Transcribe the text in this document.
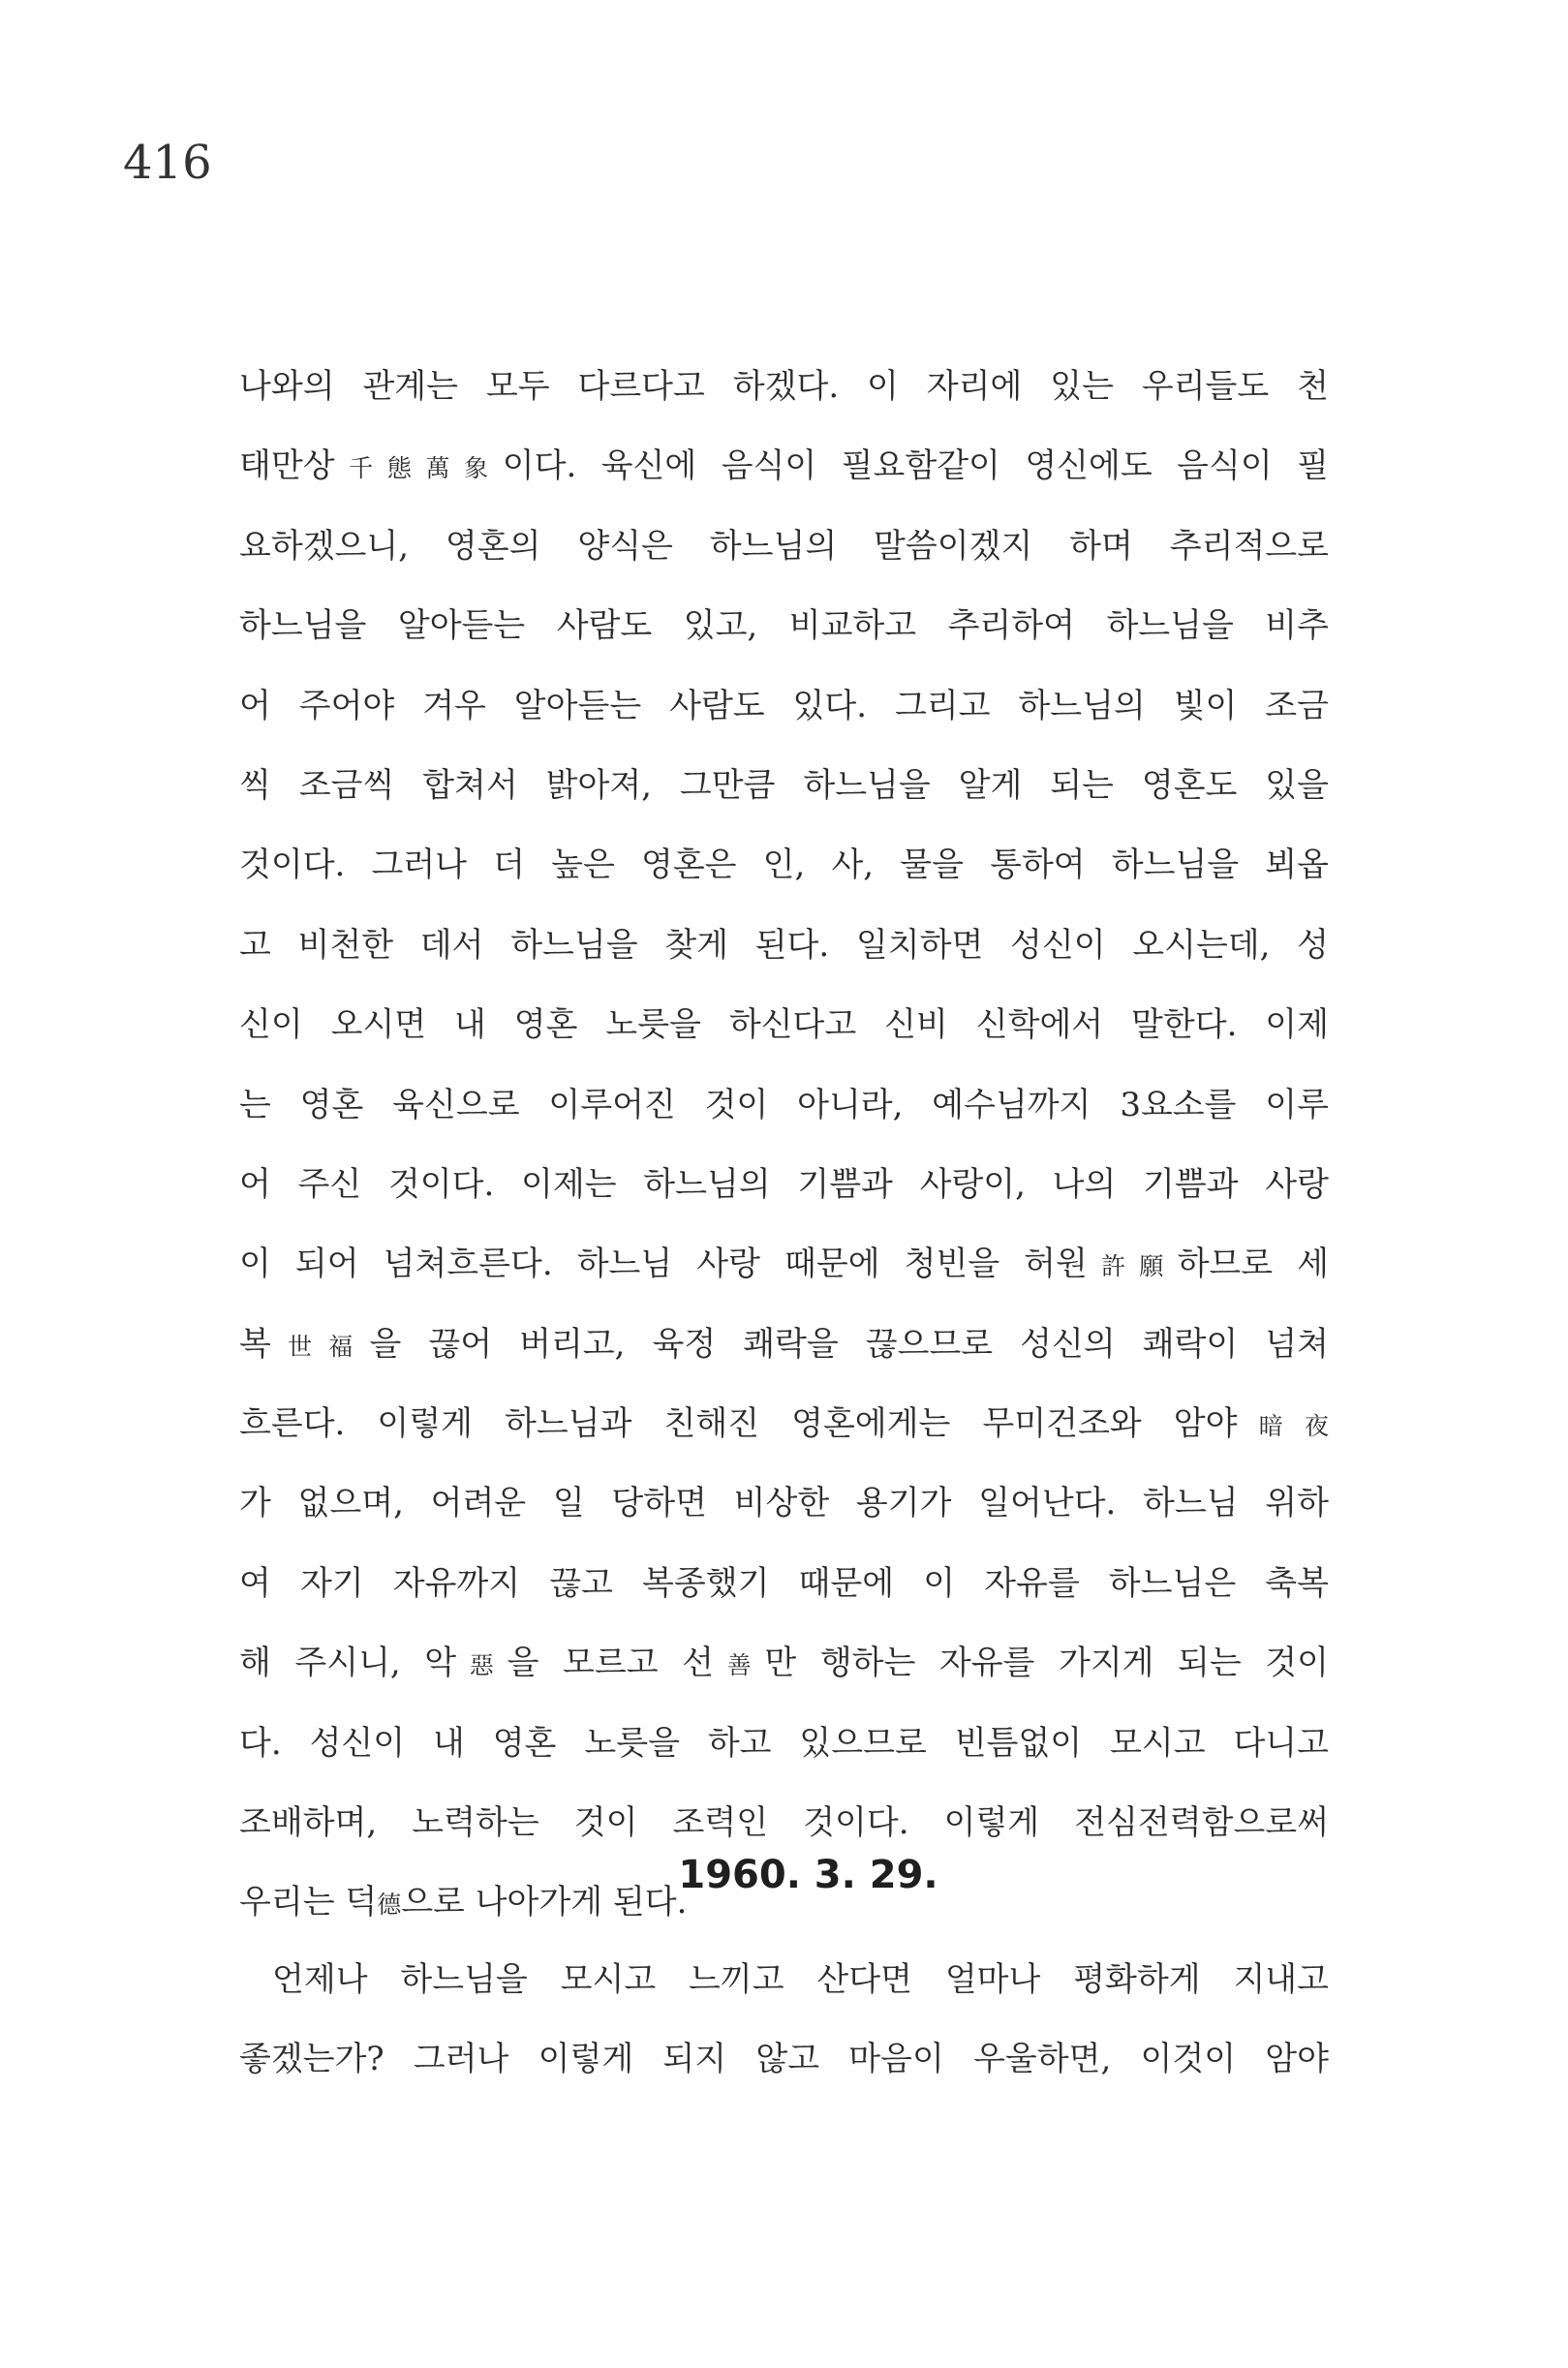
416
나와의 관계는 모두 다르다고 하겠다. 이 자리에 있는 우리들도 천
태만상千態萬象이다. 육신에 음식이 필요함같이 영신에도 음식이 필
요하겠으니, 영혼의 양식은 하느님의 말씀이겠지 하며 추리적으로
하느님을 알아듣는 사람도 있고, 비교하고 추리하여 하느님을 비추
어 주어야 겨우 알아듣는 사람도 있다. 그리고 하느님의 빛이 조금
씩 조금씩 합쳐서 밝아져, 그만큼 하느님을 알게 되는 영혼도 있을
것이다. 그러나 더 높은 영혼은 인, 사, 물을 통하여 하느님을 뵈옵
고 비천한 데서 하느님을 찾게 된다. 일치하면 성신이 오시는데, 성
신이 오시면 내 영혼 노릇을 하신다고 신비 신학에서 말한다. 이제
는 영혼 육신으로 이루어진 것이 아니라, 예수님까지 3요소를 이루
어 주신 것이다. 이제는 하느님의 기쁨과 사랑이, 나의 기쁨과 사랑
이 되어 넘쳐흐른다. 하느님 사랑 때문에 청빈을 허원許願하므로 세
복世福을 끊어 버리고, 육정 쾌락을 끊으므로 성신의 쾌락이 넘쳐
흐른다. 이렇게 하느님과 친해진 영혼에게는 무미건조와 암야暗夜
가 없으며, 어려운 일 당하면 비상한 용기가 일어난다. 하느님 위하
여 자기 자유까지 끊고 복종했기 때문에 이 자유를 하느님은 축복
해 주시니, 악惡을 모르고 선善만 행하는 자유를 가지게 되는 것이
다. 성신이 내 영혼 노릇을 하고 있으므로 빈틈없이 모시고 다니고
조배하며, 노력하는 것이 조력인 것이다. 이렇게 전심전력함으로써
우리는 덕德으로 나아가게 된다.
1960. 3. 29.
언제나 하느님을 모시고 느끼고 산다면 얼마나 평화하게 지내고
좋겠는가? 그러나 이렇게 되지 않고 마음이 우울하면, 이것이 암야
